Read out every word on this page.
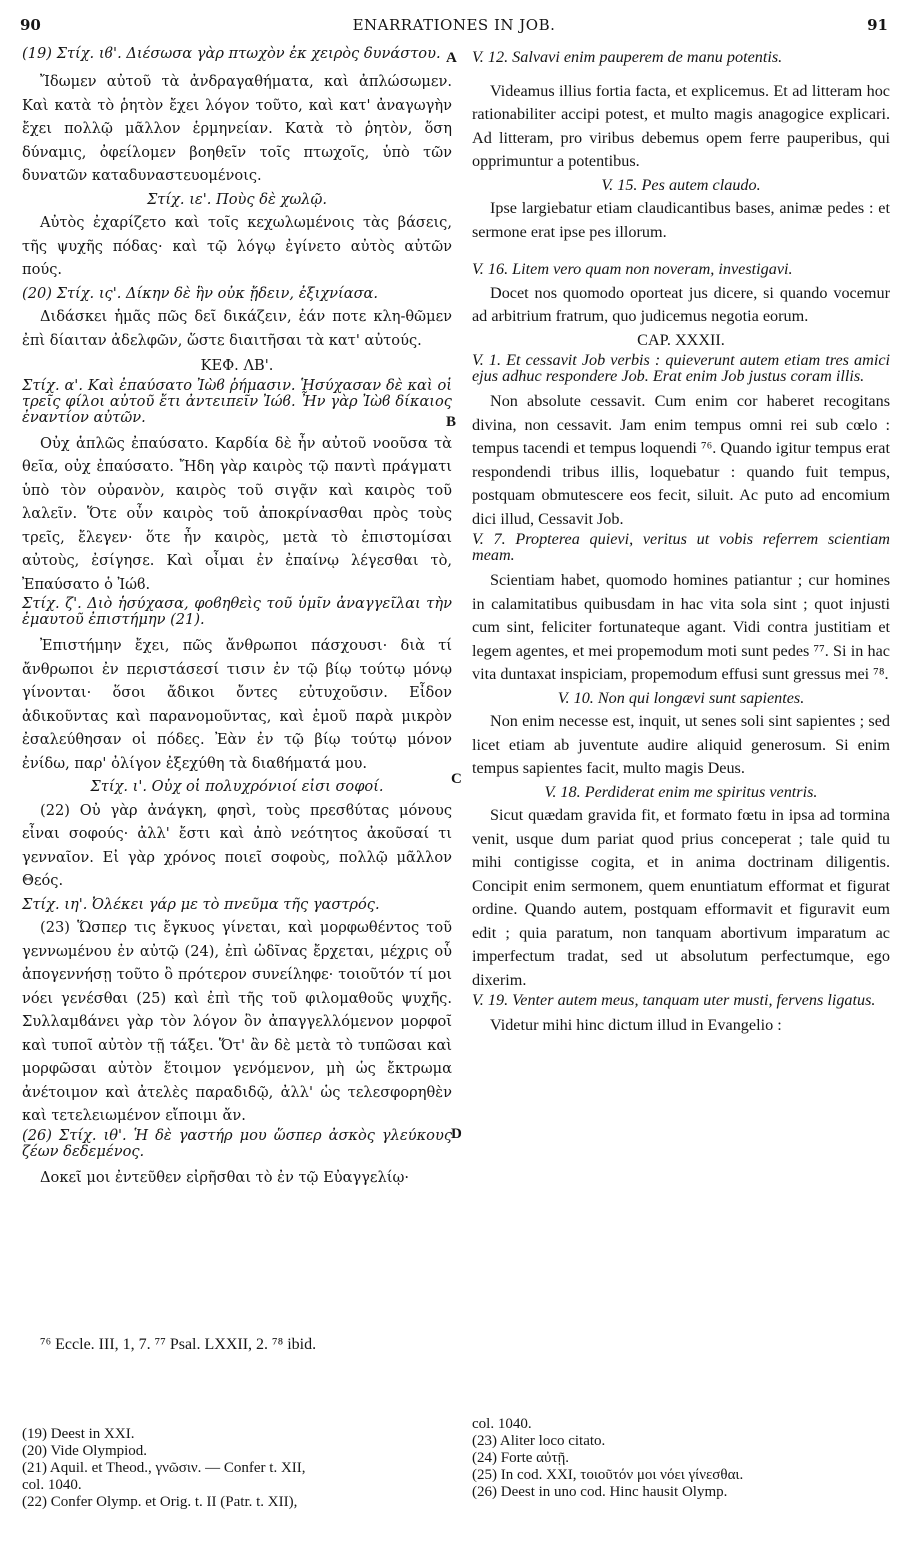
90	ENARRATIONES IN JOB.	91
A
B
C
D

(19) Στίχ. ιϐ'. Διέσωσα γὰρ πτωχὸν ἐκ χειρὸς δυνάστου.

Ἴδωμεν αὐτοῦ τὰ ἀνδραγαθήματα, καὶ ἀπλώσωμεν. Καὶ κατὰ τὸ ῥητὸν ἔχει λόγον τοῦτο, καὶ κατ' ἀναγωγὴν ἔχει πολλῷ μᾶλλον ἑρμηνείαν. Κατὰ τὸ ῥητὸν, ὅση δύναμις, ὀφείλομεν βοηθεῖν τοῖς πτωχοῖς, ὑπὸ τῶν δυνατῶν καταδυναστευομένοις.

Στίχ. ιε'. Ποὺς δὲ χωλῷ.

Αὐτὸς ἐχαρίζετο καὶ τοῖς κεχωλωμένοις τὰς βάσεις, τῆς ψυχῆς πόδας· καὶ τῷ λόγῳ ἐγίνετο αὐτὸς αὐτῶν πούς.

(20) Στίχ. ις'. Δίκην δὲ ἣν οὐκ ᾔδειν, ἐξιχνίασα.

Διδάσκει ἡμᾶς πῶς δεῖ δικάζειν, ἐάν ποτε κλη-θῶμεν ἐπὶ δίαιταν ἀδελφῶν, ὥστε διαιτῆσαι τὰ κατ' αὐτούς.

ΚΕΦ. ΛΒ'.

Στίχ. α'. Καὶ ἐπαύσατο Ἰὼϐ ῥήμασιν. Ἡσύχασαν δὲ καὶ οἱ τρεῖς φίλοι αὐτοῦ ἔτι ἀντειπεῖν Ἰώϐ. Ἦν γὰρ Ἰὼϐ δίκαιος ἐναντίον αὐτῶν.

Οὐχ ἁπλῶς ἐπαύσατο. Καρδία δὲ ἦν αὐτοῦ νοοῦσα τὰ θεῖα, οὐχ ἐπαύσατο. Ἤδη γὰρ καιρὸς τῷ παντὶ πράγματι ὑπὸ τὸν οὐρανὸν, καιρὸς τοῦ σιγᾷν καὶ καιρὸς τοῦ λαλεῖν. Ὅτε οὖν καιρὸς τοῦ ἀποκρίνασθαι πρὸς τοὺς τρεῖς, ἔλεγεν· ὅτε ἦν καιρὸς, μετὰ τὸ ἐπιστομίσαι αὐτοὺς, ἐσίγησε. Καὶ οἶμαι ἐν ἐπαίνῳ λέγεσθαι τὸ, Ἐπαύσατο ὁ Ἰώϐ.

Στίχ. ζ'. Διὸ ἡσύχασα, φοϐηθεὶς τοῦ ὑμῖν ἀναγγεῖλαι τὴν ἐμαυτοῦ ἐπιστήμην (21).

Ἐπιστήμην ἔχει, πῶς ἄνθρωποι πάσχουσι· διὰ τί ἄνθρωποι ἐν περιστάσεσί τισιν ἐν τῷ βίῳ τούτῳ μόνῳ γίνονται· ὅσοι ἄδικοι ὄντες εὐτυχοῦσιν. Εἶδον ἀδικοῦντας καὶ παρανομοῦντας, καὶ ἐμοῦ παρὰ μικρὸν ἐσαλεύθησαν οἱ πόδες. Ἐὰν ἐν τῷ βίῳ τούτῳ μόνον ἐνίδω, παρ' ὀλίγον ἐξεχύθη τὰ διαϐήματά μου.

Στίχ. ι'. Οὐχ οἱ πολυχρόνιοί εἰσι σοφοί.

(22) Οὐ γὰρ ἀνάγκη, φησὶ, τοὺς πρεσϐύτας μόνους εἶναι σοφούς· ἀλλ' ἔστι καὶ ἀπὸ νεότητος ἀκοῦσαί τι γενναῖον. Εἰ γὰρ χρόνος ποιεῖ σοφοὺς, πολλῷ μᾶλλον Θεός.

Στίχ. ιη'. Ὀλέκει γάρ με τὸ πνεῦμα τῆς γαστρός.

(23) Ὥσπερ τις ἔγκυος γίνεται, καὶ μορφωθέντος τοῦ γεννωμένου ἐν αὐτῷ (24), ἐπὶ ὠδῖνας ἔρχεται, μέχρις οὗ ἀπογεννήσῃ τοῦτο ὃ πρότερον συνείληφε· τοιοῦτόν τί μοι νόει γενέσθαι (25) καὶ ἐπὶ τῆς τοῦ φιλομαθοῦς ψυχῆς. Συλλαμϐάνει γὰρ τὸν λόγον ὃν ἀπαγγελλόμενον μορφοῖ καὶ τυποῖ αὐτὸν τῇ τάξει. Ὅτ' ἂν δὲ μετὰ τὸ τυπῶσαι καὶ μορφῶσαι αὐτὸν ἕτοιμον γενόμενον, μὴ ὡς ἔκτρωμα ἀνέτοιμον καὶ ἀτελὲς παραδιδῷ, ἀλλ' ὡς τελεσφορηθὲν καὶ τετελειωμένον εἴποιμι ἄν.

(26) Στίχ. ιθ'. Ἡ δὲ γαστήρ μου ὥσπερ ἀσκὸς γλεύκους ζέων δεδεμένος.

Δοκεῖ μοι ἐντεῦθεν εἰρῆσθαι τὸ ἐν τῷ Εὐαγγελίῳ·

V. 12. Salvavi enim pauperem de manu potentis.

Videamus illius fortia facta, et explicemus. Et ad litteram hoc rationabiliter accipi potest, et multo magis anagogice explicari. Ad litteram, pro viribus debemus opem ferre pauperibus, qui opprimuntur a potentibus.

V. 15. Pes autem claudo.

Ipse largiebatur etiam claudicantibus bases, animæ pedes : et sermone erat ipse pes illorum.

V. 16. Litem vero quam non noveram, investigavi.

Docet nos quomodo oporteat jus dicere, si quando vocemur ad arbitrium fratrum, quo judicemus negotia eorum.

CAP. XXXII.

V. 1. Et cessavit Job verbis : quieverunt autem etiam tres amici ejus adhuc respondere Job. Erat enim Job justus coram illis.

Non absolute cessavit. Cum enim cor haberet recogitans divina, non cessavit. Jam enim tempus omni rei sub cœlo : tempus tacendi et tempus loquendi ⁷⁶. Quando igitur tempus erat respondendi tribus illis, loquebatur : quando fuit tempus, postquam obmutescere eos fecit, siluit. Ac puto ad encomium dici illud, Cessavit Job.

V. 7. Propterea quievi, veritus ut vobis referrem scientiam meam.

Scientiam habet, quomodo homines patiantur ; cur homines in calamitatibus quibusdam in hac vita sola sint ; quot injusti cum sint, feliciter fortunateque agant. Vidi contra justitiam et legem agentes, et mei propemodum moti sunt pedes ⁷⁷. Si in hac vita duntaxat inspiciam, propemodum effusi sunt gressus mei ⁷⁸.

V. 10. Non qui longævi sunt sapientes.

Non enim necesse est, inquit, ut senes soli sint sapientes ; sed licet etiam ab juventute audire aliquid generosum. Si enim tempus sapientes facit, multo magis Deus.

V. 18. Perdiderat enim me spiritus ventris.

Sicut quædam gravida fit, et formato fœtu in ipsa ad tormina venit, usque dum pariat quod prius conceperat ; tale quid tu mihi contigisse cogita, et in anima doctrinam diligentis. Concipit enim sermonem, quem enuntiatum efformat et figurat ordine. Quando autem, postquam efformavit et figuravit eum edit ; quia paratum, non tanquam abortivum imparatum ac imperfectum tradat, sed ut absolutum perfectumque, ego dixerim.

V. 19. Venter autem meus, tanquam uter musti, fervens ligatus.

Videtur mihi hinc dictum illud in Evangelio :

⁷⁶ Eccle. III, 1, 7. ⁷⁷ Psal. LXXII, 2. ⁷⁸ ibid.
(19) Deest in XXI.
(20) Vide Olympiod.
(21) Aquil. et Theod., γνῶσιν. — Confer t. XII,
col. 1040.
(22) Confer Olymp. et Orig. t. II (Patr. t. XII),
col. 1040.
(23) Aliter loco citato.
(24) Forte αὐτῇ.
(25) In cod. XXI, τοιοῦτόν μοι νόει γίνεσθαι.
(26) Deest in uno cod. Hinc hausit Olymp.
